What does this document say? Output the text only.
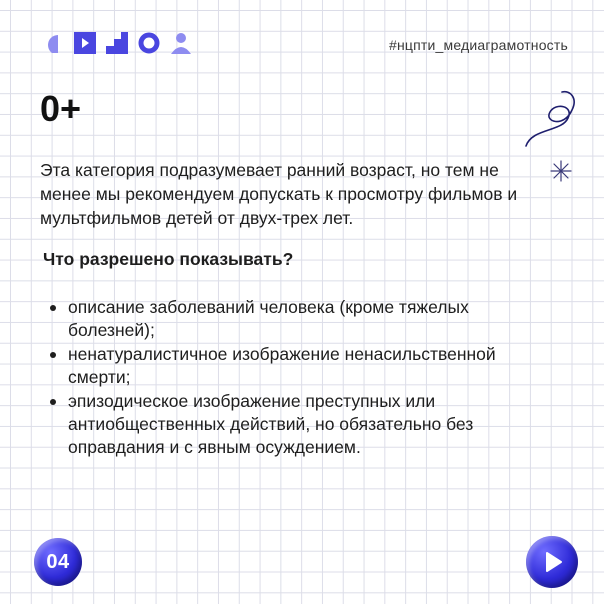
#нцпти_медиаграмотность
0+
Эта категория подразумевает ранний возраст, но тем не менее мы рекомендуем допускать к просмотру фильмов и мультфильмов детей от двух-трех лет.
Что разрешено показывать?
описание заболеваний человека (кроме тяжелых болезней);
ненатуралистичное изображение ненасильственной смерти;
эпизодическое изображение преступных или антиобщественных действий, но обязательно без оправдания и с явным осуждением.
04
